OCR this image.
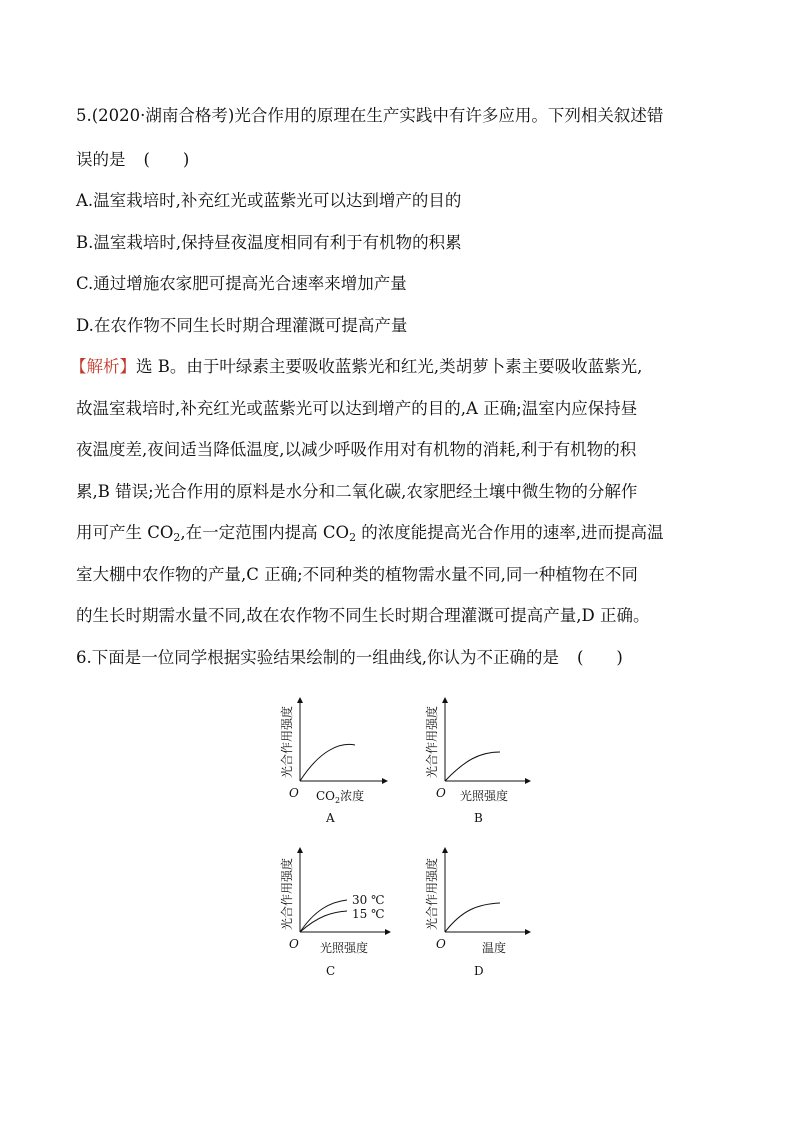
5.(2020·湖南合格考)光合作用的原理在生产实践中有许多应用。下列相关叙述错
误的是 (　　)
A.温室栽培时,补充红光或蓝紫光可以达到增产的目的
B.温室栽培时,保持昼夜温度相同有利于有机物的积累
C.通过增施农家肥可提高光合速率来增加产量
D.在农作物不同生长时期合理灌溉可提高产量
【解析】选 B。由于叶绿素主要吸收蓝紫光和红光,类胡萝卜素主要吸收蓝紫光,
故温室栽培时,补充红光或蓝紫光可以达到增产的目的,A 正确;温室内应保持昼
夜温度差,夜间适当降低温度,以减少呼吸作用对有机物的消耗,利于有机物的积
累,B 错误;光合作用的原料是水分和二氧化碳,农家肥经土壤中微生物的分解作
用可产生 $CO_2$,在一定范围内提高 $CO_2$ 的浓度能提高光合作用的速率,进而提高温
室大棚中农作物的产量,C 正确;不同种类的植物需水量不同,同一种植物在不同
的生长时期需水量不同,故在农作物不同生长时期合理灌溉可提高产量,D 正确。
6.下面是一位同学根据实验结果绘制的一组曲线,你认为不正确的是 (　　)
O
光合作用强度
$CO_2$浓度
A
O
光合作用强度
光照强度
B
30 ℃
15 ℃
O
光合作用强度
光照强度
C
O
光合作用强度
温度
D
